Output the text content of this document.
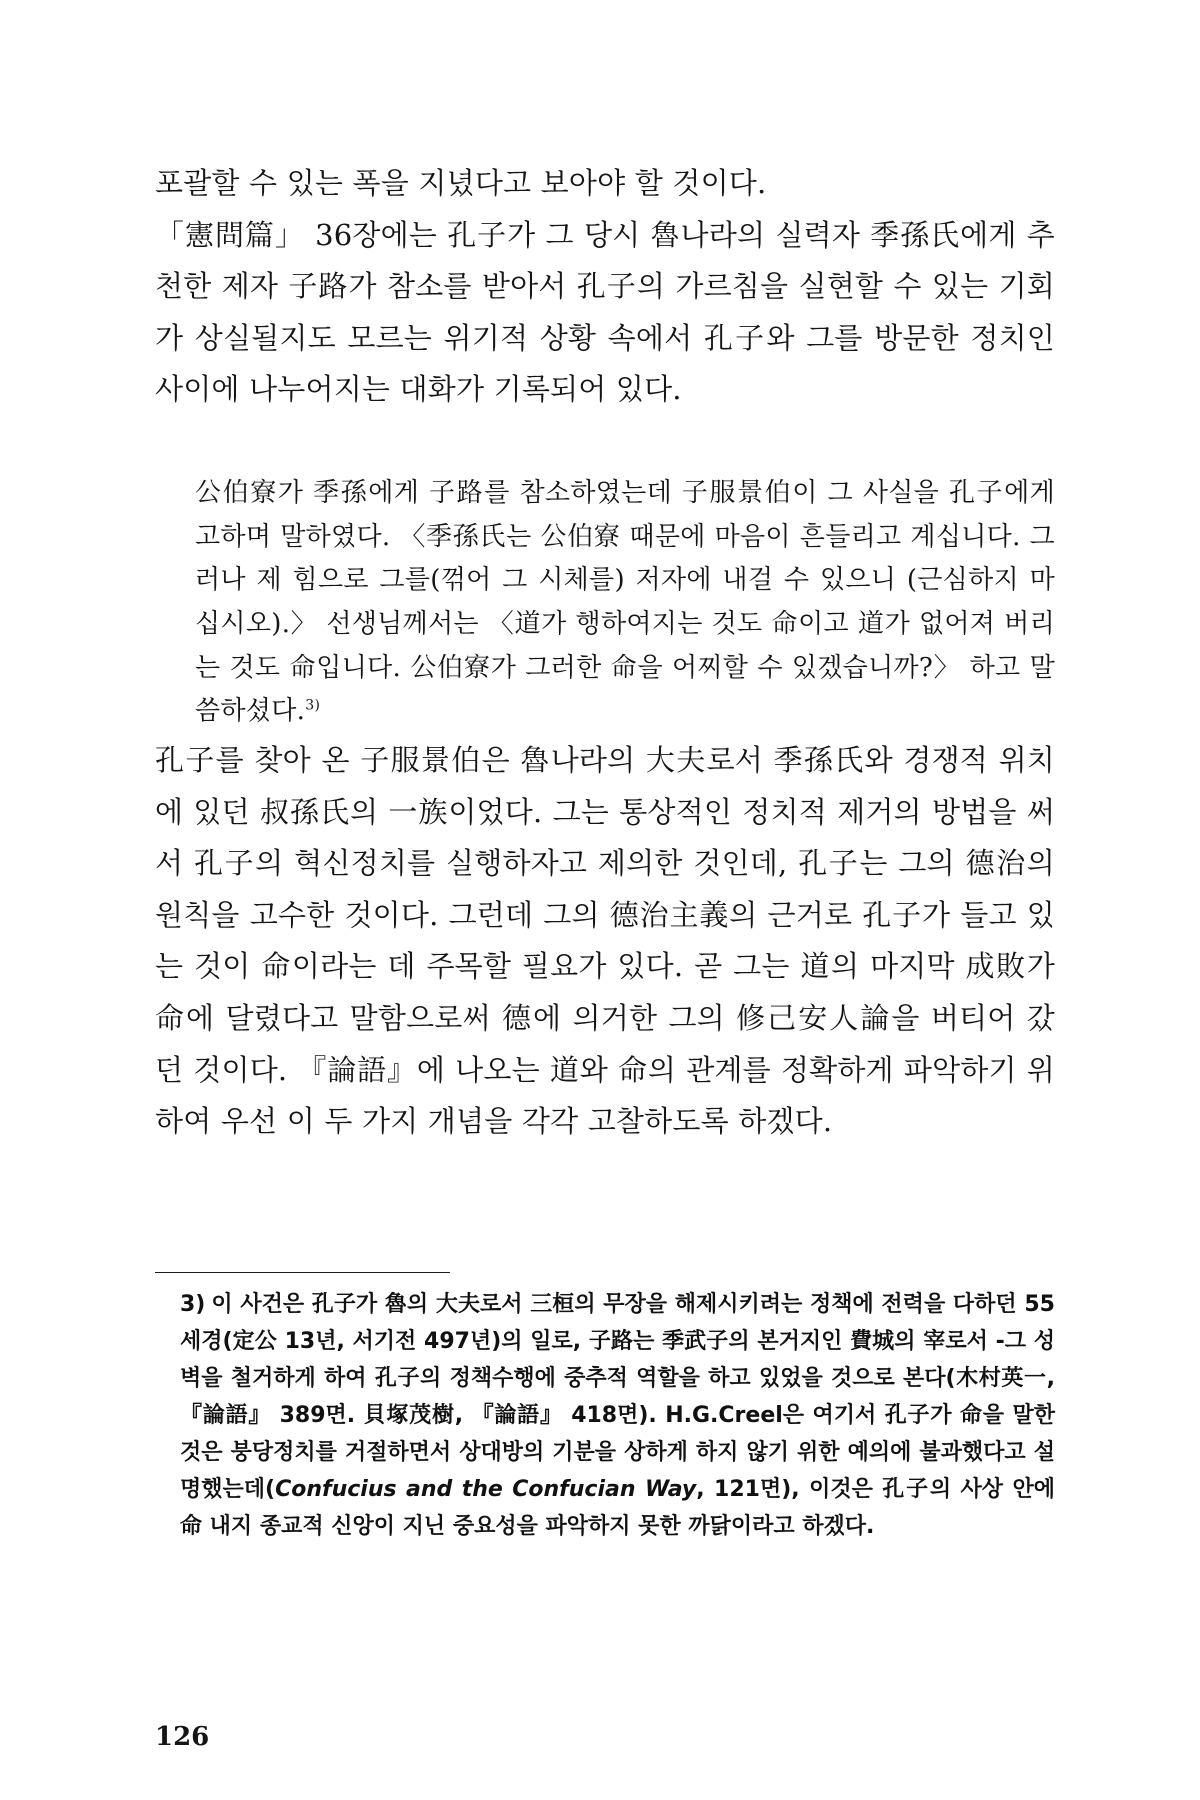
포괄할 수 있는 폭을 지녔다고 보아야 할 것이다.

「憲問篇」 36장에는 孔子가 그 당시 魯나라의 실력자 季孫氏에게 추천한 제자 子路가 참소를 받아서 孔子의 가르침을 실현할 수 있는 기회가 상실될지도 모르는 위기적 상황 속에서 孔子와 그를 방문한 정치인 사이에 나누어지는 대화가 기록되어 있다.

公伯寮가 季孫에게 子路를 참소하였는데 子服景伯이 그 사실을 孔子에게 고하며 말하였다. 〈季孫氏는 公伯寮 때문에 마음이 흔들리고 계십니다. 그러나 제 힘으로 그를(꺾어 그 시체를) 저자에 내걸 수 있으니 (근심하지 마십시오).〉 선생님께서는 〈道가 행하여지는 것도 命이고 道가 없어져 버리는 것도 命입니다. 公伯寮가 그러한 命을 어찌할 수 있겠습니까?〉 하고 말씀하셨다.$^{3)}$

孔子를 찾아 온 子服景伯은 魯나라의 大夫로서 季孫氏와 경쟁적 위치에 있던 叔孫氏의 一族이었다. 그는 통상적인 정치적 제거의 방법을 써서 孔子의 혁신정치를 실행하자고 제의한 것인데, 孔子는 그의 德治의 원칙을 고수한 것이다. 그런데 그의 德治主義의 근거로 孔子가 들고 있는 것이 命이라는 데 주목할 필요가 있다. 곧 그는 道의 마지막 成敗가 命에 달렸다고 말함으로써 德에 의거한 그의 修己安人論을 버티어 갔던 것이다. 『論語』에 나오는 道와 命의 관계를 정확하게 파악하기 위하여 우선 이 두 가지 개념을 각각 고찰하도록 하겠다.

3) 이 사건은 孔子가 魯의 大夫로서 三桓의 무장을 해제시키려는 정책에 전력을 다하던 55세경(定公 13년, 서기전 497년)의 일로, 子路는 季武子의 본거지인 費城의 宰로서 -그 성벽을 철거하게 하여 孔子의 정책수행에 중추적 역할을 하고 있었을 것으로 본다(木村英一, 『論語』 389면. 貝塚茂樹, 『論語』 418면). H.G.Creel은 여기서 孔子가 命을 말한 것은 붕당정치를 거절하면서 상대방의 기분을 상하게 하지 않기 위한 예의에 불과했다고 설명했는데(Confucius and the Confucian Way, 121면), 이것은 孔子의 사상 안에 命 내지 종교적 신앙이 지닌 중요성을 파악하지 못한 까닭이라고 하겠다.
126
